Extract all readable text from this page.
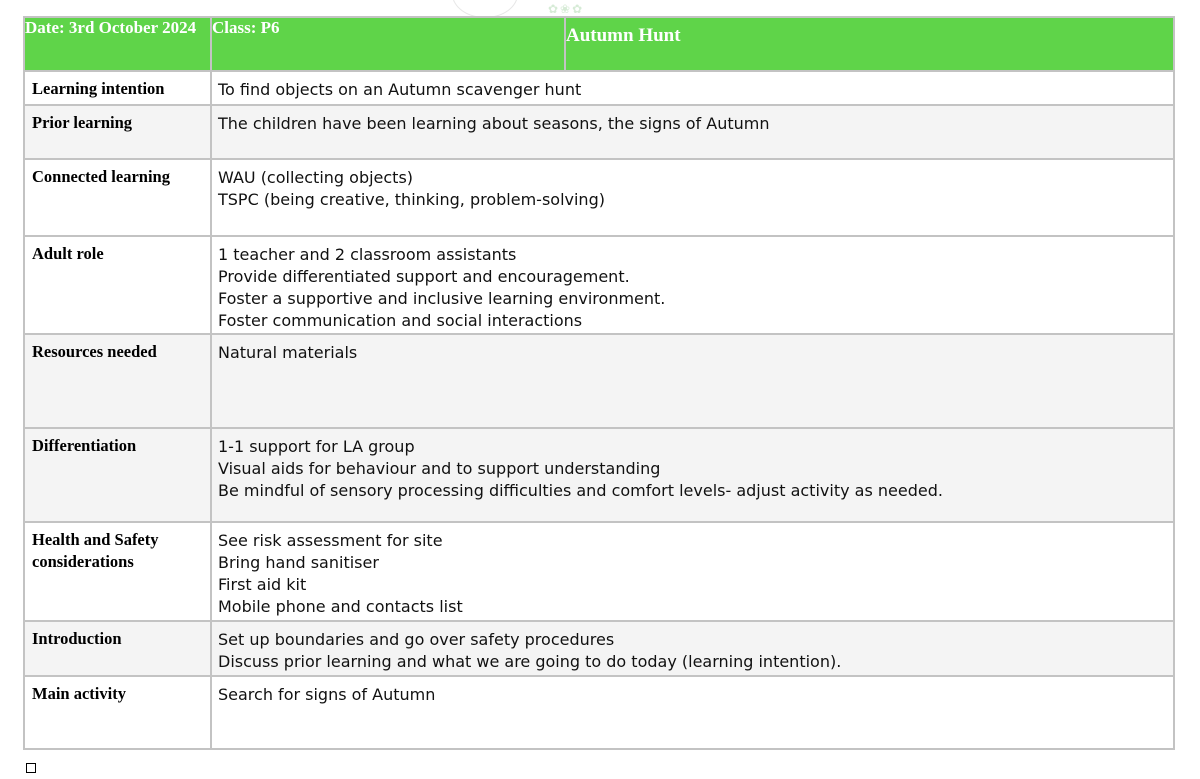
✿❀✿
Date: 3rd October 2024	Class: P6	Autumn Hunt
Learning intention	To find objects on an Autumn scavenger hunt	

Prior learning	The children have been learning about seasons, the signs of Autumn	

Connected learning	WAU (collecting objects)
TSPC (being creative, thinking, problem-solving)	

Adult role	1 teacher and 2 classroom assistants
Provide differentiated support and encouragement.
Foster a supportive and inclusive learning environment.
Foster communication and social interactions	

Resources needed	Natural materials	

Differentiation	1-1 support for LA group
Visual aids for behaviour and to support understanding
Be mindful of sensory processing difficulties and comfort levels- adjust activity as needed.	

Health and Safety considerations	See risk assessment for site
Bring hand sanitiser
First aid kit
Mobile phone and contacts list	

Introduction	Set up boundaries and go over safety procedures
Discuss prior learning and what we are going to do today (learning intention).	

Main activity	Search for signs of Autumn	
